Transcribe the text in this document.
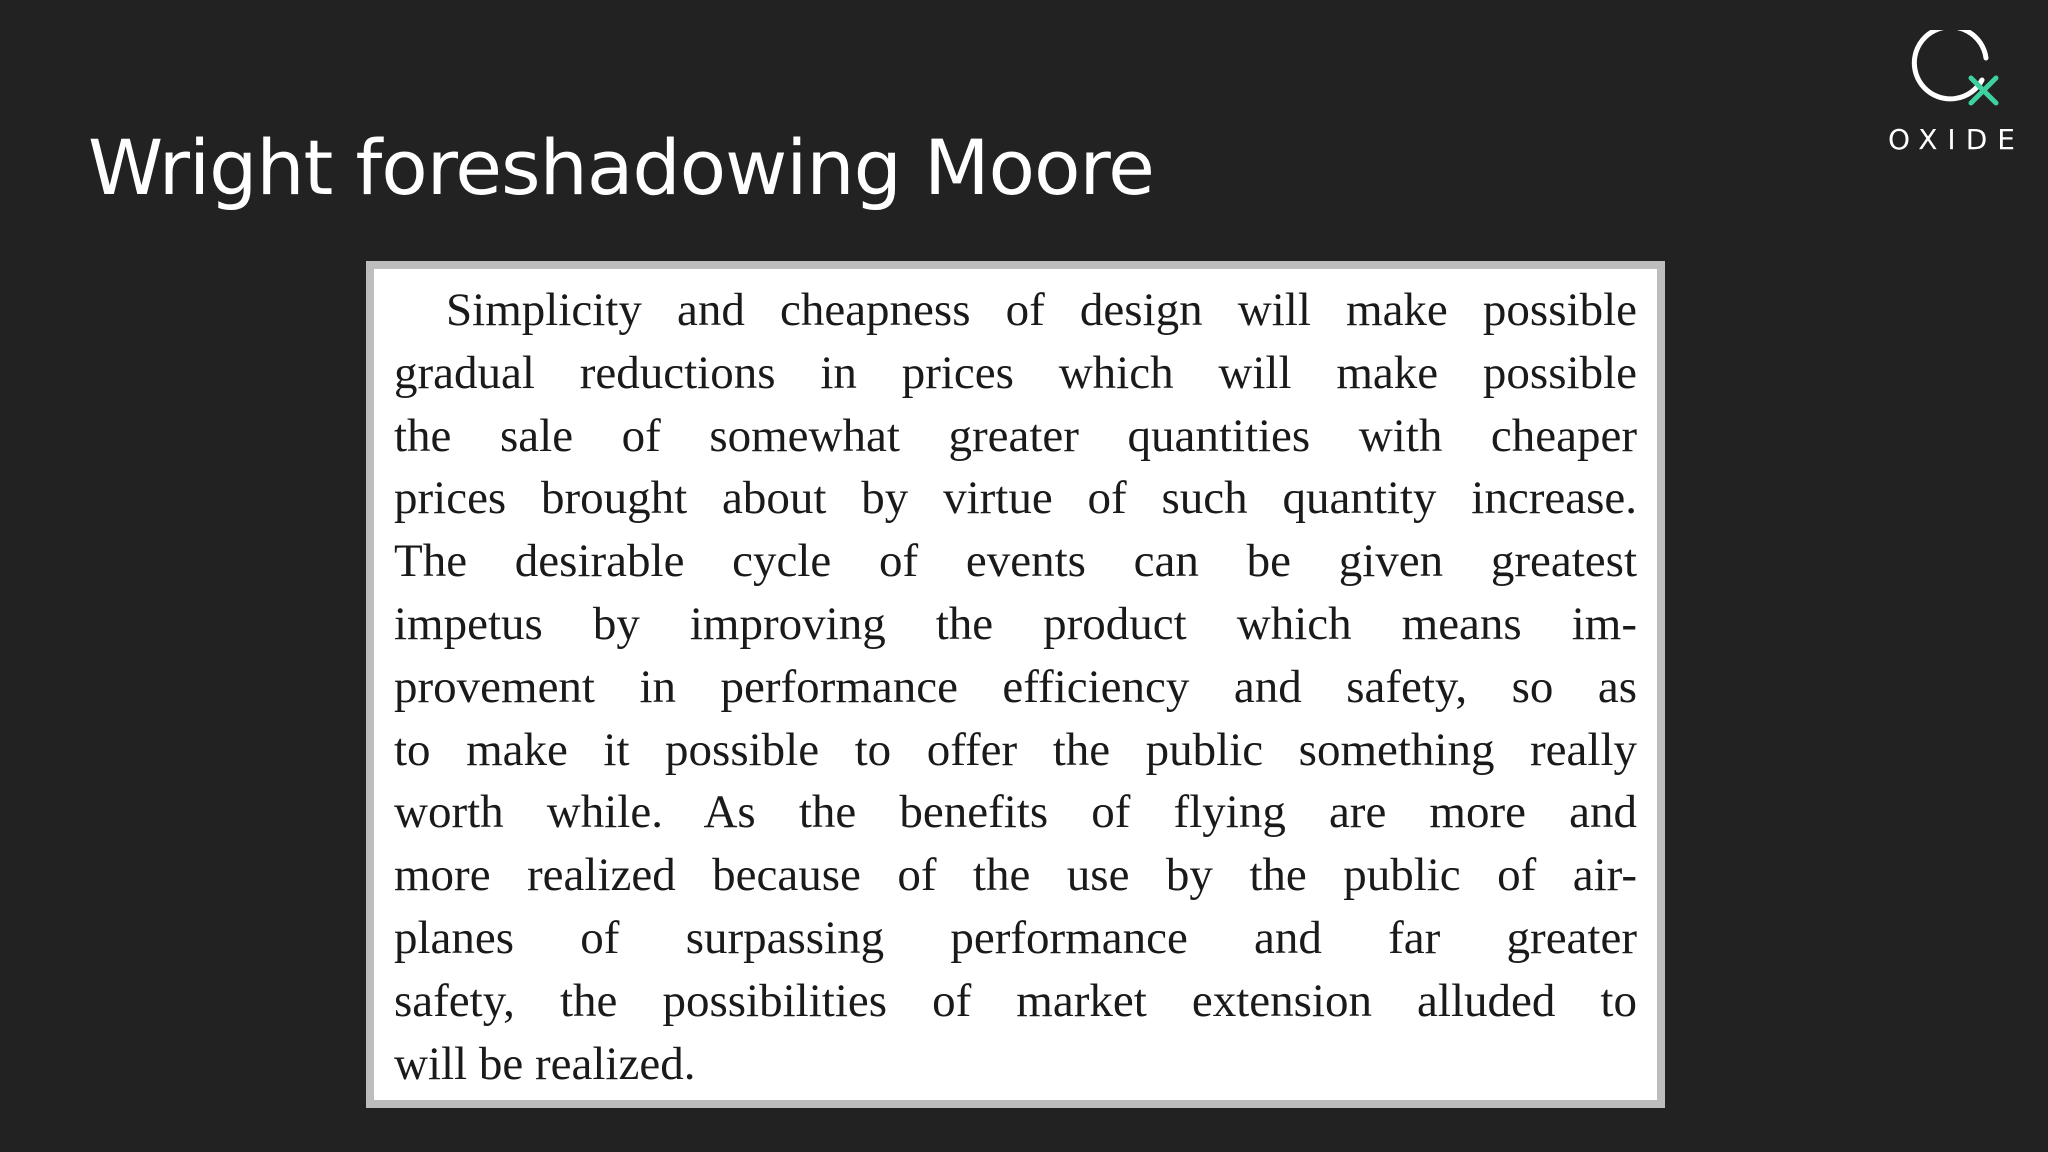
Wright foreshadowing Moore	OXIDE

Simplicity and cheapness of design will make possible
gradual reductions in prices which will make possible
the sale of somewhat greater quantities with cheaper
prices brought about by virtue of such quantity increase.
The desirable cycle of events can be given greatest
impetus by improving the product which means im-
provement in performance efficiency and safety, so as
to make it possible to offer the public something really
worth while. As the benefits of flying are more and
more realized because of the use by the public of air-
planes of surpassing performance and far greater
safety, the possibilities of market extension alluded to
will be realized.
